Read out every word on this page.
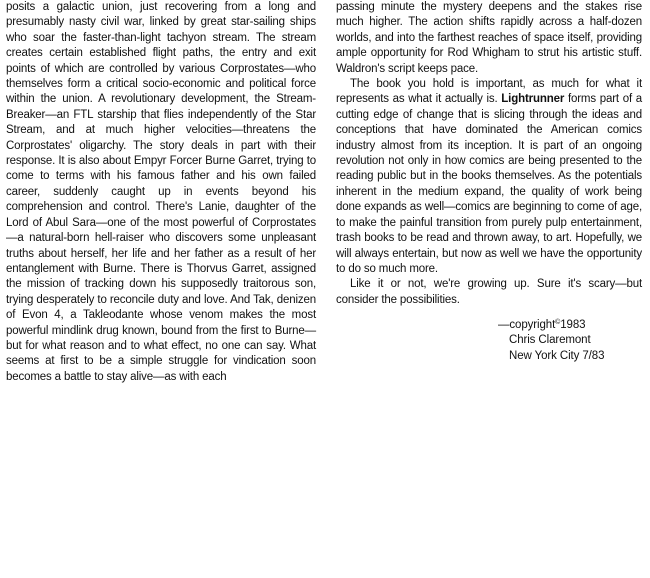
posits a galactic union, just recovering from a long and presumably nasty civil war, linked by great star-sailing ships who soar the faster-than-light tachyon stream. The stream creates certain established flight paths, the entry and exit points of which are controlled by various Corprostates—who themselves form a critical socio-economic and political force within the union. A revolutionary development, the Stream-Breaker—an FTL starship that flies independently of the Star Stream, and at much higher velocities—threatens the Corprostates' oligarchy. The story deals in part with their response. It is also about Empyr Forcer Burne Garret, trying to come to terms with his famous father and his own failed career, suddenly caught up in events beyond his comprehension and control. There's Lanie, daughter of the Lord of Abul Sara—one of the most powerful of Corprostates—a natural-born hell-raiser who discovers some unpleasant truths about herself, her life and her father as a result of her entanglement with Burne. There is Thorvus Garret, assigned the mission of tracking down his supposedly traitorous son, trying desperately to reconcile duty and love. And Tak, denizen of Evon 4, a Takleodante whose venom makes the most powerful mindlink drug known, bound from the first to Burne—but for what reason and to what effect, no one can say. What seems at first to be a simple struggle for vindication soon becomes a battle to stay alive—as with each

passing minute the mystery deepens and the stakes rise much higher. The action shifts rapidly across a half-dozen worlds, and into the farthest reaches of space itself, providing ample opportunity for Rod Whigham to strut his artistic stuff. Waldron's script keeps pace.

The book you hold is important, as much for what it represents as what it actually is. Lightrunner forms part of a cutting edge of change that is slicing through the ideas and conceptions that have dominated the American comics industry almost from its inception. It is part of an ongoing revolution not only in how comics are being presented to the reading public but in the books themselves. As the potentials inherent in the medium expand, the quality of work being done expands as well—comics are beginning to come of age, to make the painful transition from purely pulp entertainment, trash books to be read and thrown away, to art. Hopefully, we will always entertain, but now as well we have the opportunity to do so much more.

Like it or not, we're growing up. Sure it's scary—but consider the possibilities.

—copyright©1983
Chris Claremont
New York City 7/83
